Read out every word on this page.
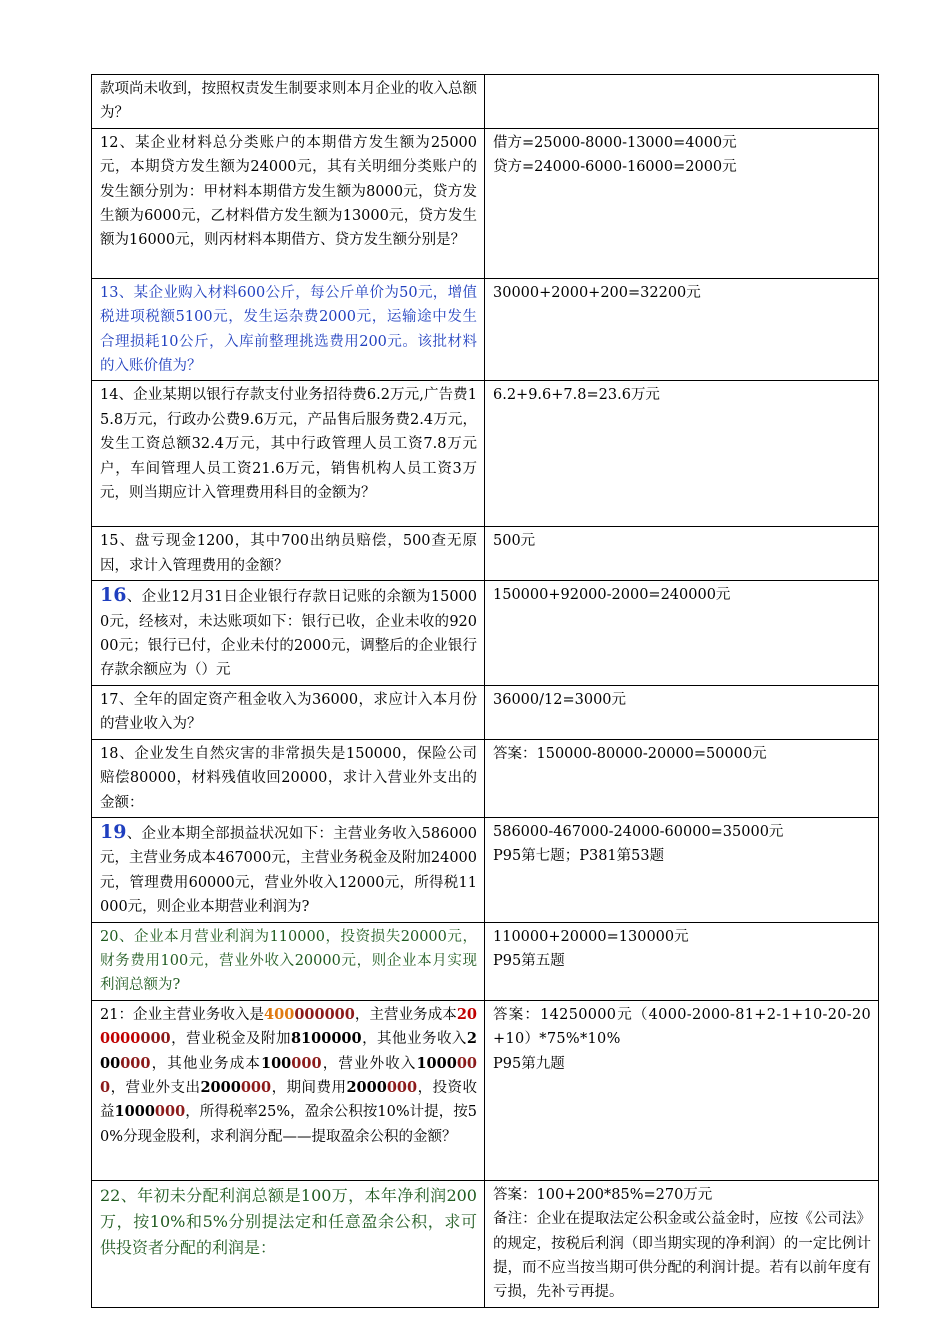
款项尚未收到，按照权责发生制要求则本月企业的收入总额为？	
12、某企业材料总分类账户的本期借方发生额为25000元，本期贷方发生额为24000元，其有关明细分类账户的发生额分别为：甲材料本期借方发生额为8000元，贷方发生额为6000元，乙材料借方发生额为13000元，贷方发生额为16000元，则丙材料本期借方、贷方发生额分别是？	借方=25000-8000-13000=4000元
贷方=24000-6000-16000=2000元

13、某企业购入材料600公斤，每公斤单价为50元，增值税进项税额5100元，发生运杂费2000元，运输途中发生合理损耗10公斤，入库前整理挑选费用200元。该批材料的入账价值为？	30000+2000+200=32200元
14、企业某期以银行存款支付业务招待费6.2万元,广告费15.8万元，行政办公费9.6万元，产品售后服务费2.4万元，发生工资总额32.4万元，其中行政管理人员工资7.8万元户，车间管理人员工资21.6万元，销售机构人员工资3万元，则当期应计入管理费用科目的金额为？	6.2+9.6+7.8=23.6万元
15、盘亏现金1200，其中700出纳员赔偿，500查无原因，求计入管理费用的金额？	500元
16、企业12月31日企业银行存款日记账的余额为150000元，经核对，未达账项如下：银行已收，企业未收的92000元；银行已付，企业未付的2000元，调整后的企业银行存款余额应为（）元	150000+92000-2000=240000元
17、全年的固定资产租金收入为36000，求应计入本月份的营业收入为？	36000/12=3000元
18、企业发生自然灾害的非常损失是150000，保险公司赔偿80000，材料残值收回20000，求计入营业外支出的金额：	答案：150000-80000-20000=50000元
19、企业本期全部损益状况如下：主营业务收入586000元，主营业务成本467000元，主营业务税金及附加24000元，管理费用60000元，营业外收入12000元，所得税11000元，则企业本期营业利润为?	586000-467000-24000-60000=35000元
P95第七题；P381第53题

20、企业本月营业利润为110000，投资损失20000元，财务费用100元，营业外收入20000元，则企业本月实现利润总额为?	110000+20000=130000元
P95第五题

21：企业主营业务收入是400000000，主营业务成本200000000，营业税金及附加8100000，其他业务收入200000，其他业务成本100000，营业外收入1000000，营业外支出2000000，期间费用2000000，投资收益1000000，所得税率25%，盈余公积按10%计提，按50%分现金股利，求利润分配——提取盈余公积的金额？	答案：14250000元（4000-2000-81+2-1+10-20-20+10）*75%*10%
P95第九题

22、年初未分配利润总额是100万，本年净利润200万，按10%和5%分别提法定和任意盈余公积，求可供投资者分配的利润是：	答案：100+200*85%=270万元
备注：企业在提取法定公积金或公益金时，应按《公司法》的规定，按税后利润（即当期实现的净利润）的一定比例计提，而不应当按当期可供分配的利润计提。若有以前年度有亏损，先补亏再提。
